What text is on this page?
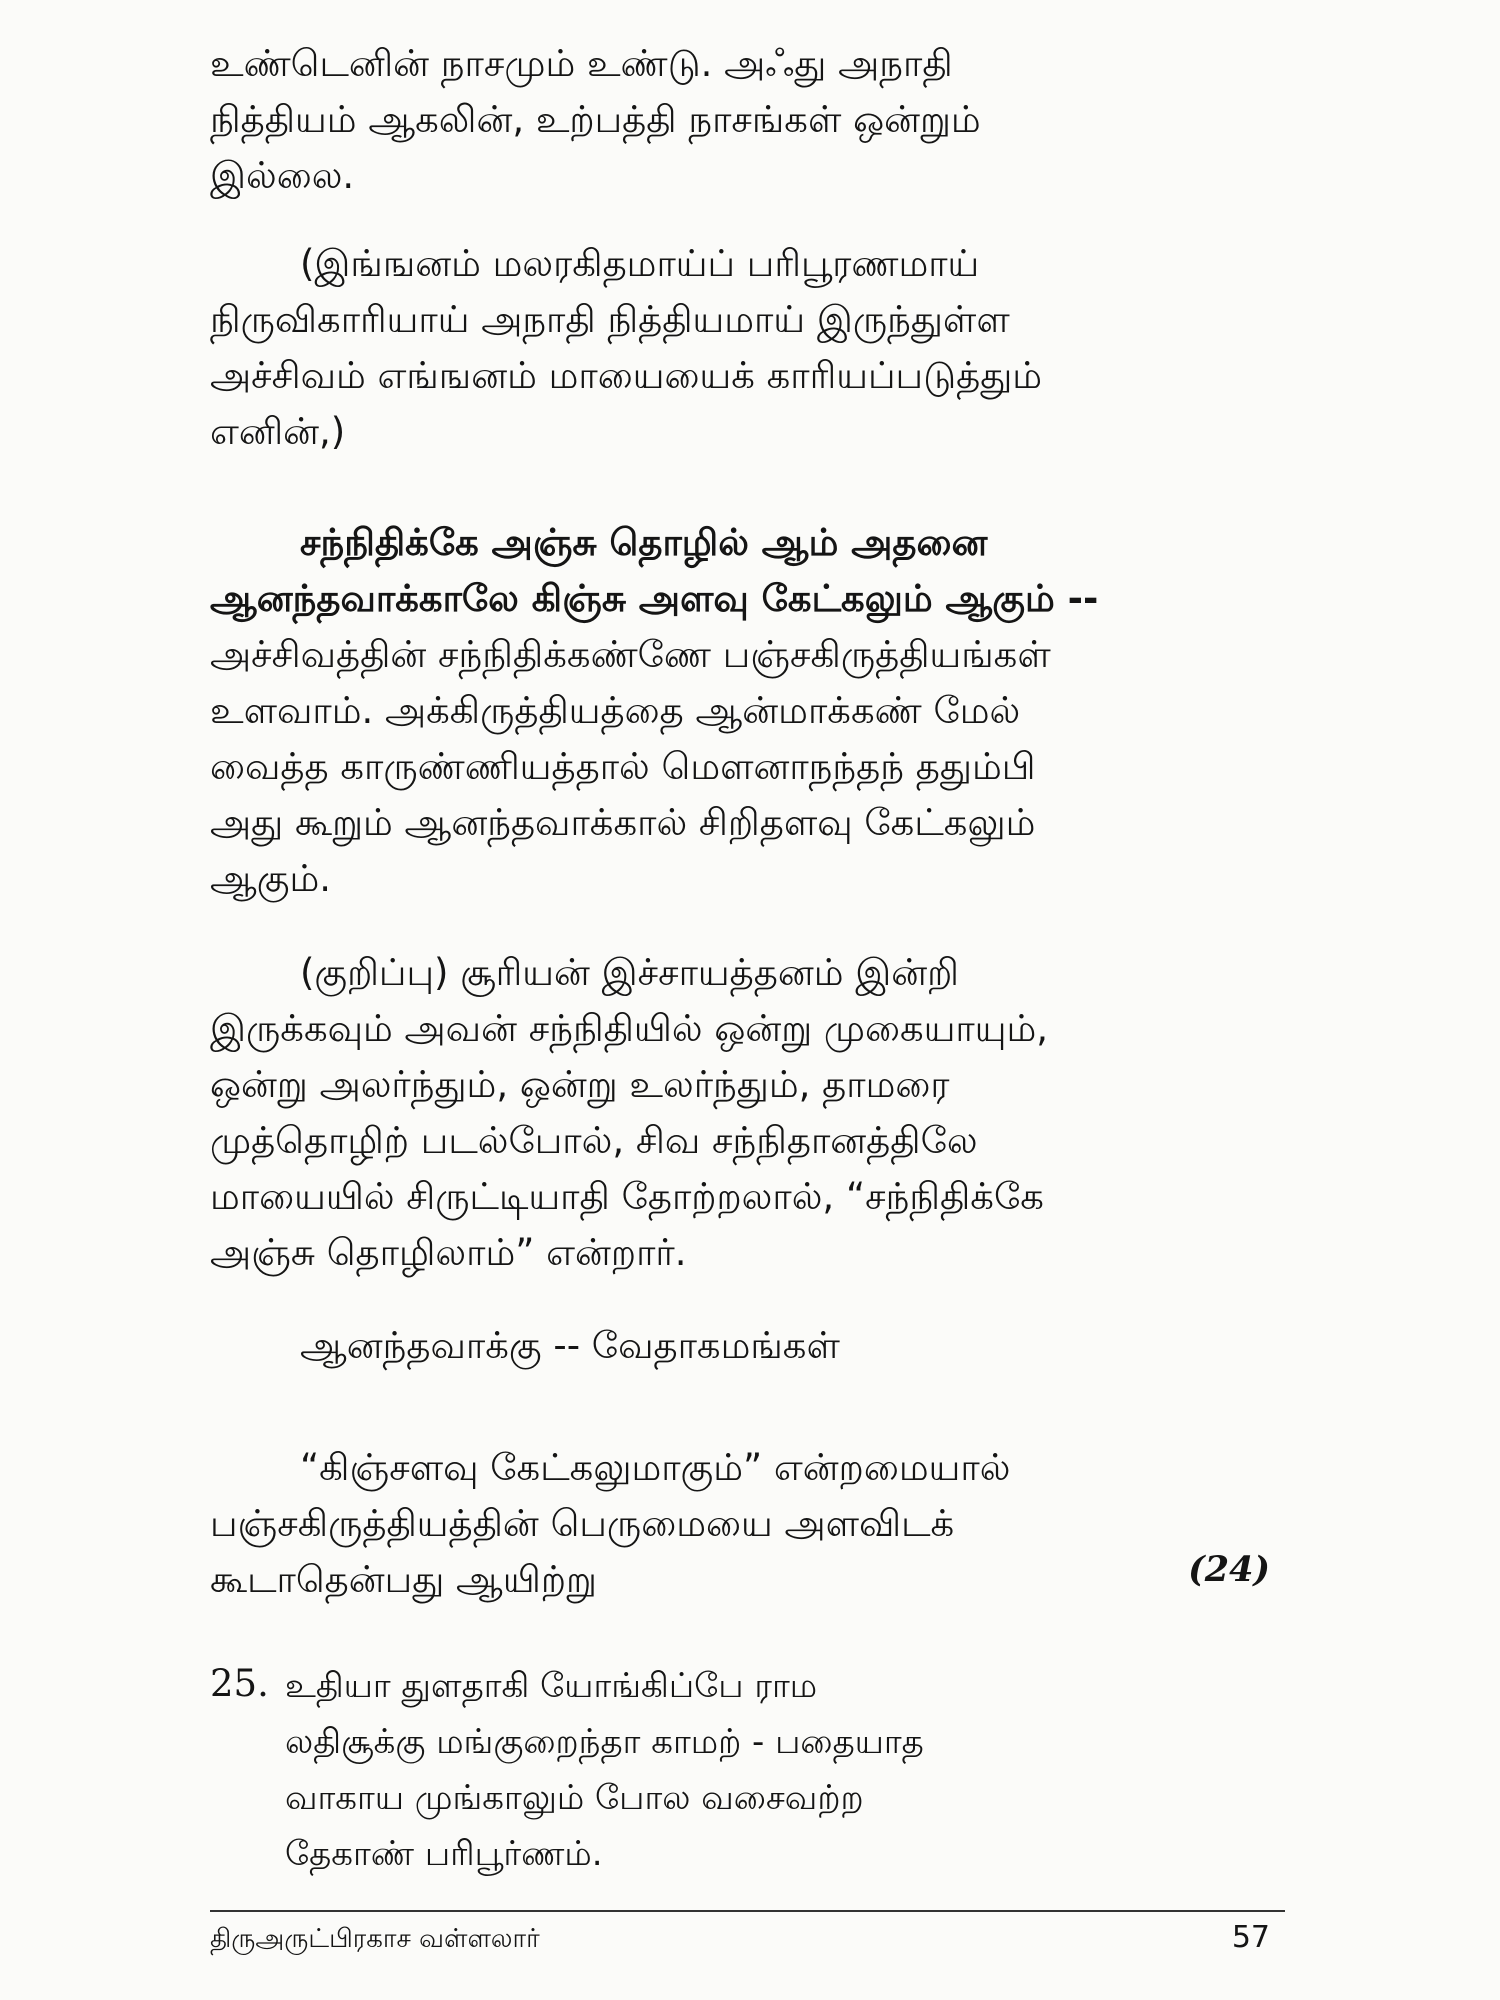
உண்டெனின் நாசமும் உண்டு. அஃது அநாதி
நித்தியம் ஆகலின், உற்பத்தி நாசங்கள் ஒன்றும்
இல்லை.
(இங்ஙனம் மலரகிதமாய்ப் பரிபூரணமாய்
நிருவிகாரியாய் அநாதி நித்தியமாய் இருந்துள்ள
அச்சிவம் எங்ஙனம் மாயையைக் காரியப்படுத்தும்
எனின்,)
சந்நிதிக்கே அஞ்சு தொழில் ஆம் அதனை
ஆனந்தவாக்காலே கிஞ்சு அளவு கேட்கலும் ஆகும் --
அச்சிவத்தின் சந்நிதிக்கண்ணே பஞ்சகிருத்தியங்கள்
உளவாம். அக்கிருத்தியத்தை ஆன்மாக்கண் மேல்
வைத்த காருண்ணியத்தால் மௌனாநந்தந் ததும்பி
அது கூறும் ஆனந்தவாக்கால் சிறிதளவு கேட்கலும்
ஆகும்.
(குறிப்பு) சூரியன் இச்சாயத்தனம் இன்றி
இருக்கவும் அவன் சந்நிதியில் ஒன்று முகையாயும்,
ஒன்று அலர்ந்தும், ஒன்று உலர்ந்தும், தாமரை
முத்தொழிற் படல்போல், சிவ சந்நிதானத்திலே
மாயையில் சிருட்டியாதி தோற்றலால், “சந்நிதிக்கே
அஞ்சு தொழிலாம்” என்றார்.
ஆனந்தவாக்கு -- வேதாகமங்கள்
“கிஞ்சளவு கேட்கலுமாகும்” என்றமையால்
பஞ்சகிருத்தியத்தின் பெருமையை அளவிடக்
கூடாதென்பது ஆயிற்று	(24)
25. உதியா துளதாகி யோங்கிப்பே ராம
லதிசூக்கு மங்குறைந்தா காமற் - பதையாத
வாகாய முங்காலும் போல வசைவற்ற
தேகாண் பரிபூர்ணம்.
திருஅருட்பிரகாச வள்ளலார்	57
